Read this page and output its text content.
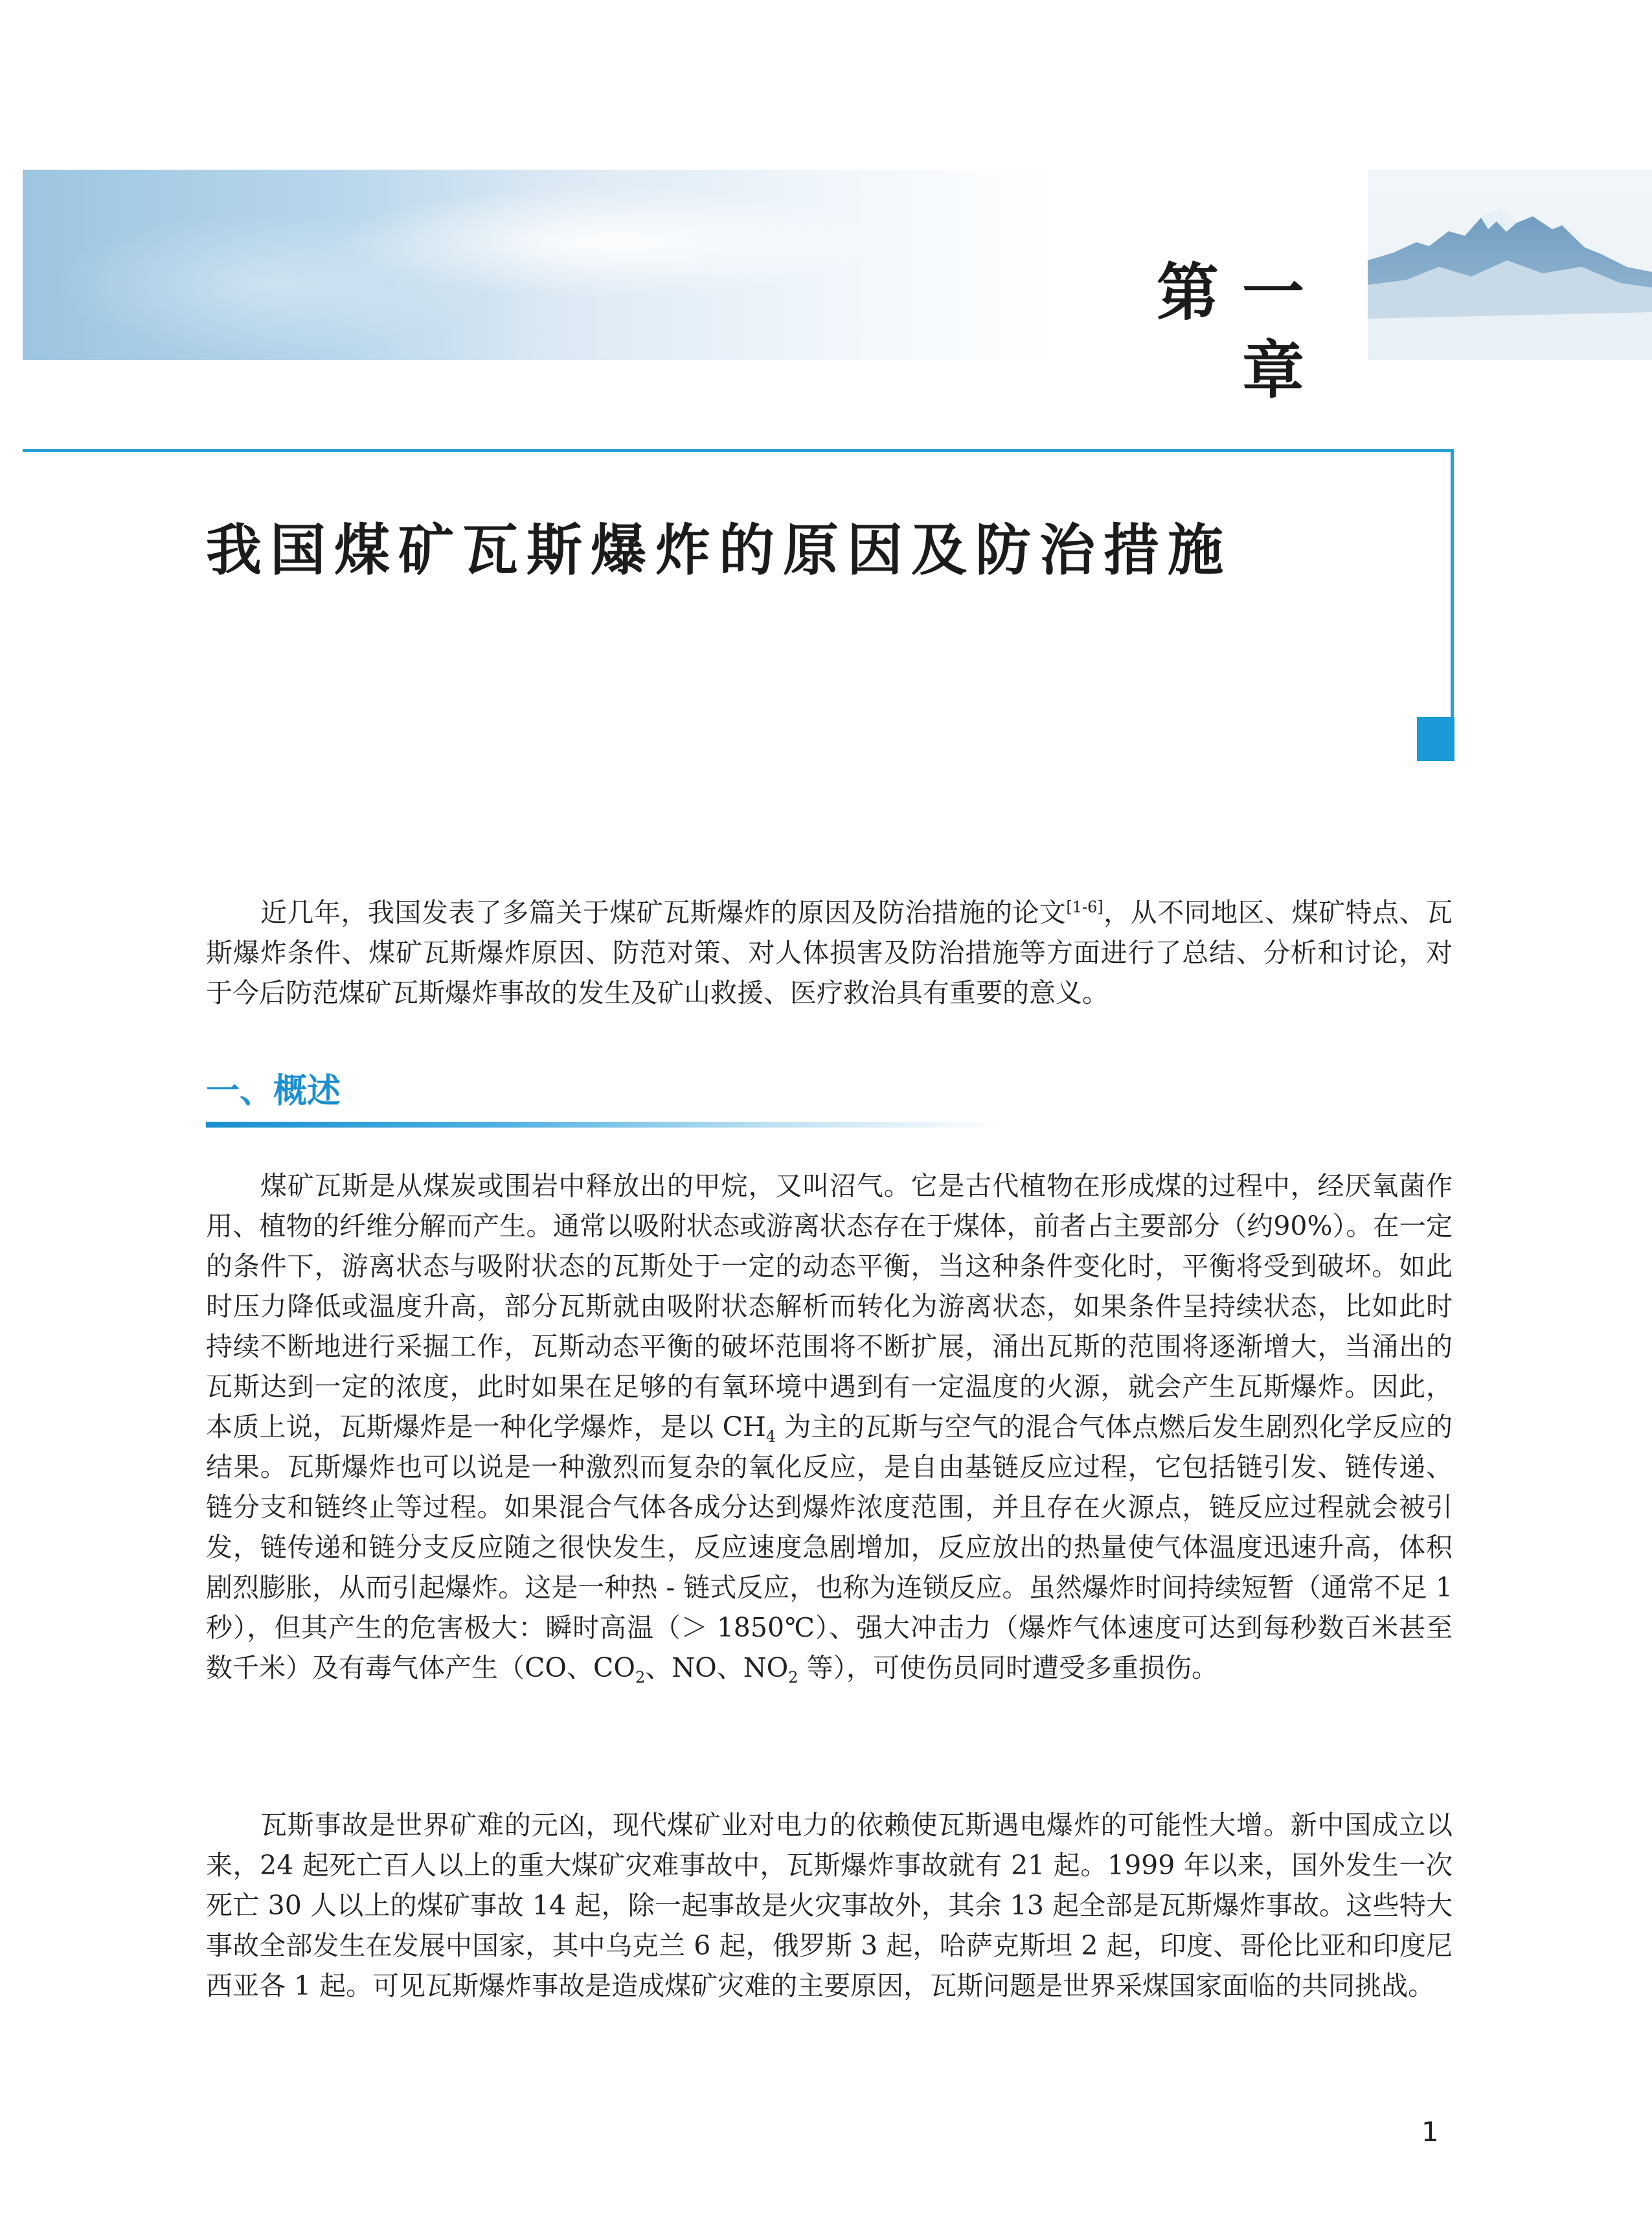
第一章
我国煤矿瓦斯爆炸的原因及防治措施

近几年，我国发表了多篇关于煤矿瓦斯爆炸的原因及防治措施的论文[1-6]，从不同地区、煤矿特点、瓦斯爆炸条件、煤矿瓦斯爆炸原因、防范对策、对人体损害及防治措施等方面进行了总结、分析和讨论，对于今后防范煤矿瓦斯爆炸事故的发生及矿山救援、医疗救治具有重要的意义。

一、概述

煤矿瓦斯是从煤炭或围岩中释放出的甲烷，又叫沼气。它是古代植物在形成煤的过程中，经厌氧菌作用、植物的纤维分解而产生。通常以吸附状态或游离状态存在于煤体，前者占主要部分（约90%）。在一定的条件下，游离状态与吸附状态的瓦斯处于一定的动态平衡，当这种条件变化时，平衡将受到破坏。如此时压力降低或温度升高，部分瓦斯就由吸附状态解析而转化为游离状态，如果条件呈持续状态，比如此时持续不断地进行采掘工作，瓦斯动态平衡的破坏范围将不断扩展，涌出瓦斯的范围将逐渐增大，当涌出的瓦斯达到一定的浓度，此时如果在足够的有氧环境中遇到有一定温度的火源，就会产生瓦斯爆炸。因此，本质上说，瓦斯爆炸是一种化学爆炸，是以 $CH_4$ 为主的瓦斯与空气的混合气体点燃后发生剧烈化学反应的结果。瓦斯爆炸也可以说是一种激烈而复杂的氧化反应，是自由基链反应过程，它包括链引发、链传递、链分支和链终止等过程。如果混合气体各成分达到爆炸浓度范围，并且存在火源点，链反应过程就会被引发，链传递和链分支反应随之很快发生，反应速度急剧增加，反应放出的热量使气体温度迅速升高，体积剧烈膨胀，从而引起爆炸。这是一种热 - 链式反应，也称为连锁反应。虽然爆炸时间持续短暂（通常不足 1 秒），但其产生的危害极大：瞬时高温（＞ 1850℃）、强大冲击力（爆炸气体速度可达到每秒数百米甚至数千米）及有毒气体产生（CO、$CO_2$、NO、$NO_2$ 等），可使伤员同时遭受多重损伤。

瓦斯事故是世界矿难的元凶，现代煤矿业对电力的依赖使瓦斯遇电爆炸的可能性大增。新中国成立以来，24 起死亡百人以上的重大煤矿灾难事故中，瓦斯爆炸事故就有 21 起。1999 年以来，国外发生一次死亡 30 人以上的煤矿事故 14 起，除一起事故是火灾事故外，其余 13 起全部是瓦斯爆炸事故。这些特大事故全部发生在发展中国家，其中乌克兰 6 起，俄罗斯 3 起，哈萨克斯坦 2 起，印度、哥伦比亚和印度尼西亚各 1 起。可见瓦斯爆炸事故是造成煤矿灾难的主要原因，瓦斯问题是世界采煤国家面临的共同挑战。

1
